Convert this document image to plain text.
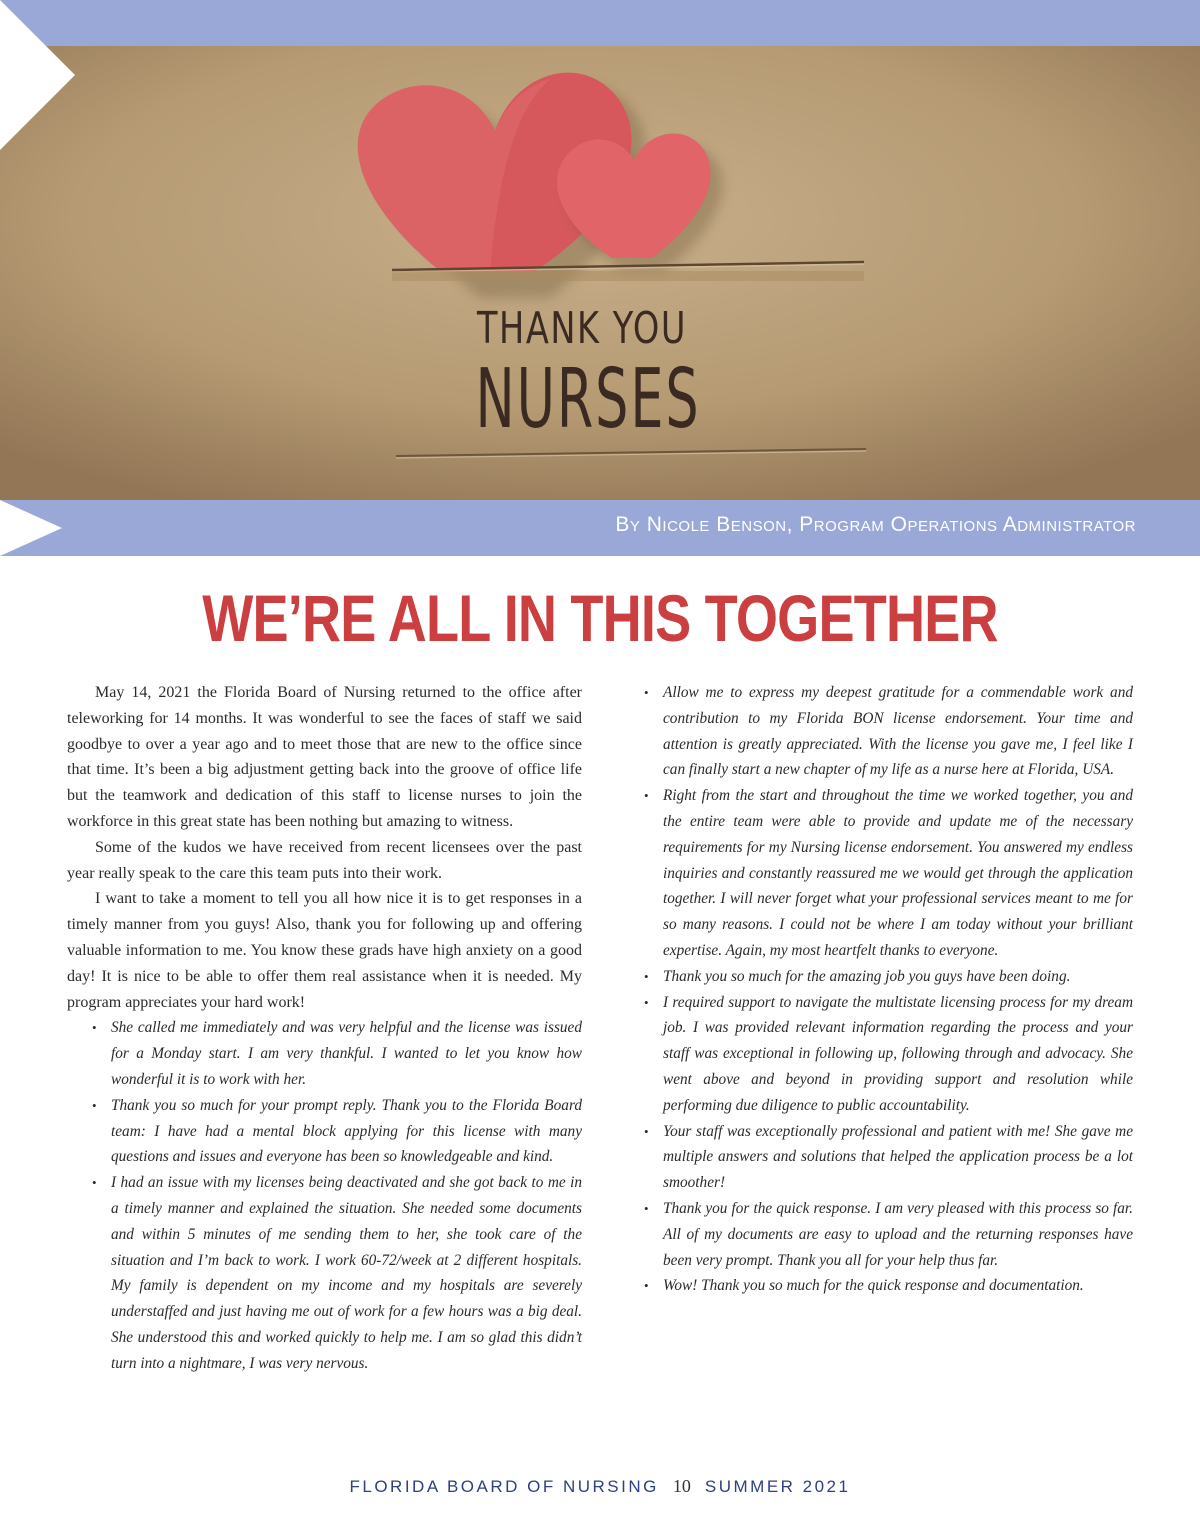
THANK YOU
NURSES
By Nicole Benson, Program Operations Administrator
WE’RE ALL IN THIS TOGETHER

May 14, 2021 the Florida Board of Nursing returned to the office after teleworking for 14 months. It was wonderful to see the faces of staff we said goodbye to over a year ago and to meet those that are new to the office since that time. It’s been a big adjustment getting back into the groove of office life but the teamwork and dedication of this staff to license nurses to join the workforce in this great state has been nothing but amazing to witness.

Some of the kudos we have received from recent licensees over the past year really speak to the care this team puts into their work.

I want to take a moment to tell you all how nice it is to get responses in a timely manner from you guys! Also, thank you for following up and offering valuable information to me. You know these grads have high anxiety on a good day! It is nice to be able to offer them real assistance when it is needed. My program appreciates your hard work!

• She called me immediately and was very helpful and the license was issued for a Monday start. I am very thankful. I wanted to let you know how wonderful it is to work with her.
• Thank you so much for your prompt reply. Thank you to the Florida Board team: I have had a mental block applying for this license with many questions and issues and everyone has been so knowledgeable and kind.
• I had an issue with my licenses being deactivated and she got back to me in a timely manner and explained the situation. She needed some documents and within 5 minutes of me sending them to her, she took care of the situation and I’m back to work. I work 60-72/week at 2 different hospitals. My family is dependent on my income and my hospitals are severely understaffed and just having me out of work for a few hours was a big deal. She understood this and worked quickly to help me. I am so glad this didn’t turn into a nightmare, I was very nervous.
• Allow me to express my deepest gratitude for a commendable work and contribution to my Florida BON license endorsement. Your time and attention is greatly appreciated. With the license you gave me, I feel like I can finally start a new chapter of my life as a nurse here at Florida, USA.
• Right from the start and throughout the time we worked together, you and the entire team were able to provide and update me of the necessary requirements for my Nursing license endorsement. You answered my endless inquiries and constantly reassured me we would get through the application together. I will never forget what your professional services meant to me for so many reasons. I could not be where I am today without your brilliant expertise. Again, my most heartfelt thanks to everyone.
• Thank you so much for the amazing job you guys have been doing.
• I required support to navigate the multistate licensing process for my dream job. I was provided relevant information regarding the process and your staff was exceptional in following up, following through and advocacy. She went above and beyond in providing support and resolution while performing due diligence to public accountability.
• Your staff was exceptionally professional and patient with me! She gave me multiple answers and solutions that helped the application process be a lot smoother!
• Thank you for the quick response. I am very pleased with this process so far. All of my documents are easy to upload and the returning responses have been very prompt. Thank you all for your help thus far.
• Wow! Thank you so much for the quick response and documentation.
FLORIDA BOARD OF NURSING 10 SUMMER 2021
